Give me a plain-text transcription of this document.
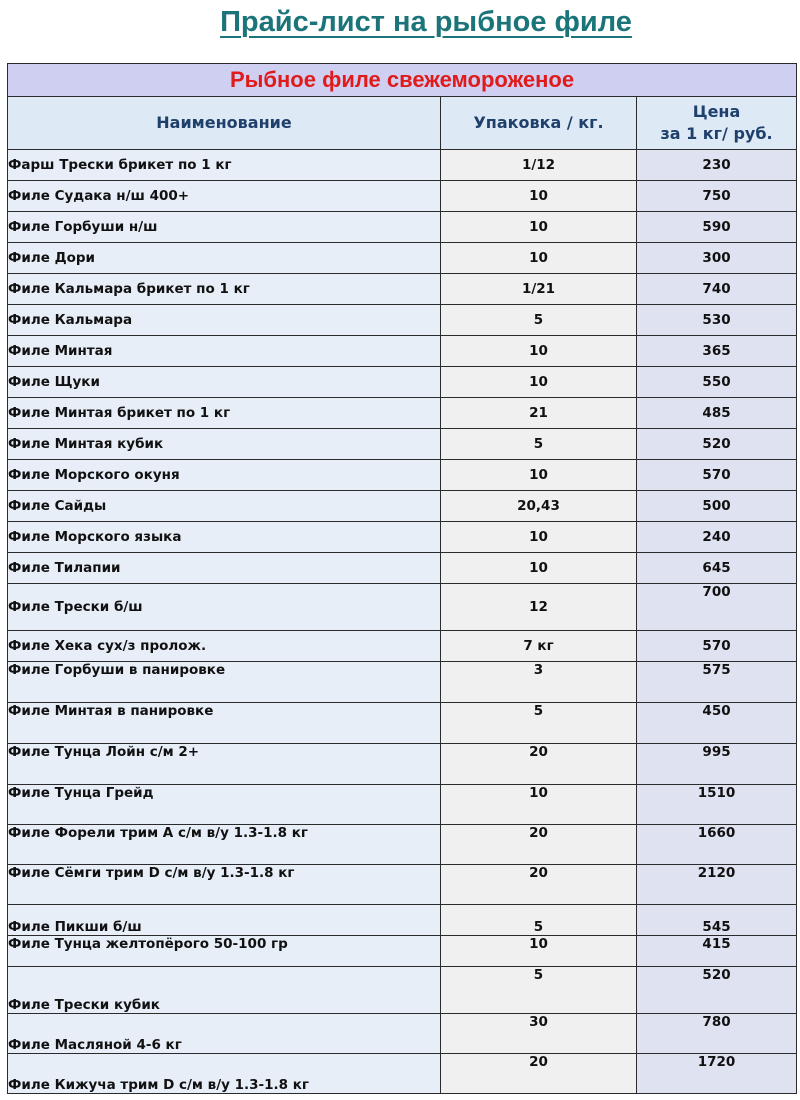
Прайс-лист на рыбное филе
Рыбное филе свежемороженое		
Наименование	Упаковка / кг.	Цена
за 1 кг/ руб.

Фарш Трески брикет по 1 кг	1/12	230
Филе Судака н/ш 400+	10	750
Филе Горбуши н/ш	10	590
Филе Дори	10	300
Филе Кальмара брикет по 1 кг	1/21	740
Филе Кальмара	5	530
Филе Минтая	10	365
Филе Щуки	10	550
Филе Минтая брикет по 1 кг	21	485
Филе Минтая кубик	5	520
Филе Морского окуня	10	570
Филе Сайды	20,43	500
Филе Морского языка	10	240
Филе Тилапии	10	645
Филе Трески б/ш	12	700
Филе Хека сух/з пролож.	7 кг	570
Филе Горбуши в панировке	3	575
Филе Минтая в панировке	5	450
Филе Тунца Лойн с/м 2+	20	995
Филе Тунца Грейд	10	1510
Филе Форели трим А с/м в/у 1.3-1.8 кг	20	1660
Филе Сёмги трим D с/м в/у 1.3-1.8 кг	20	2120
Филе Пикши б/ш	5	545
Филе Тунца желтопёрого 50-100 гр	10	415
Филе Трески кубик	5	520
Филе Масляной 4-6 кг	30	780
Филе Кижуча трим D с/м в/у 1.3-1.8 кг	20	1720
